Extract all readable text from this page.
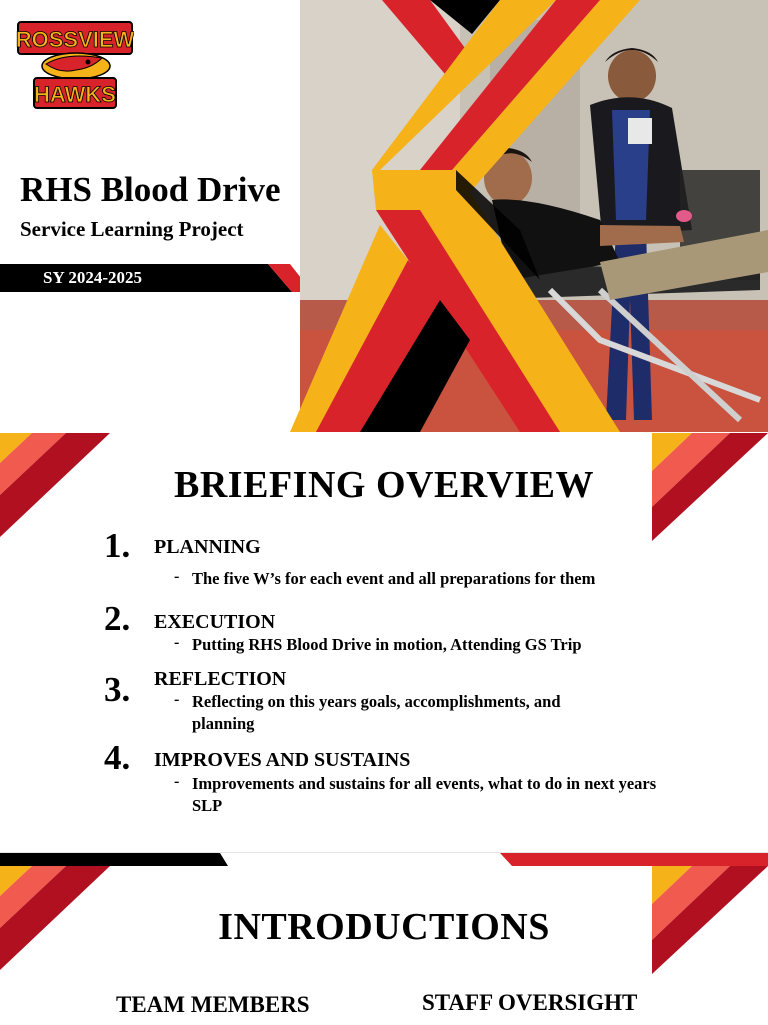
ROSSVIEW
HAWKS
RHS Blood Drive
Service Learning Project
SY 2024-2025
BRIEFING OVERVIEW
1. PLANNING
- The five W’s for each event and all preparations for them
2. EXECUTION
- Putting RHS Blood Drive in motion, Attending GS Trip
3. REFLECTION
- Reflecting on this years goals, accomplishments, and planning
4. IMPROVES AND SUSTAINS
- Improvements and sustains for all events, what to do in next years SLP
INTRODUCTIONS
TEAM MEMBERS	STAFF OVERSIGHT
